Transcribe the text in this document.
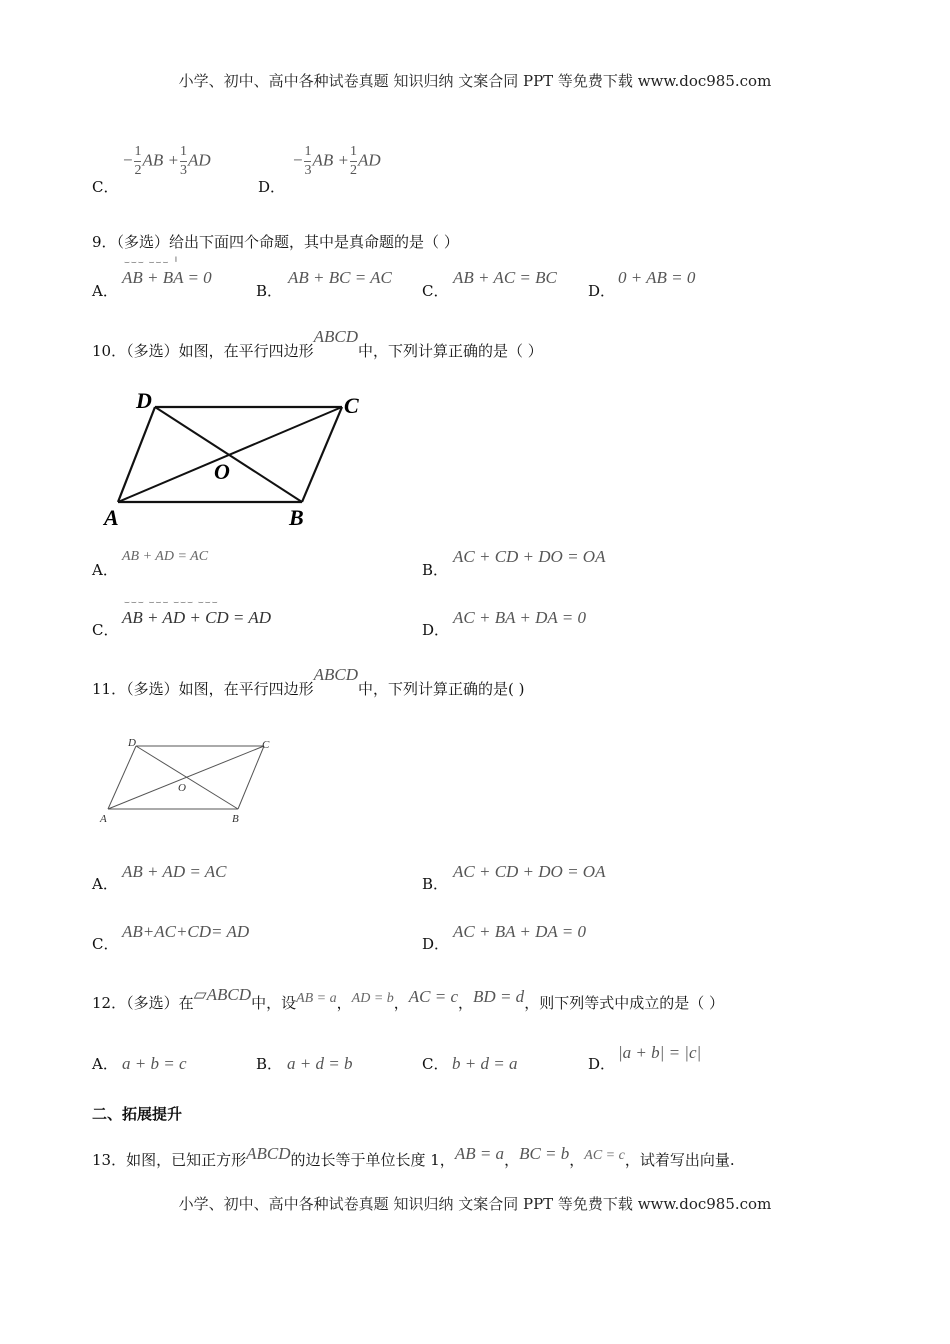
小学、初中、高中各种试卷真题 知识归纳 文案合同 PPT 等免费下载 www.doc985.com
C．
− $\frac{1}{2}$ AB + $\frac{1}{3}$ AD
D．
− $\frac{1}{3}$ AB + $\frac{1}{2}$ AD
9．（多选）给出下面四个命题，其中是真命题的是（ ）
A．
⌣⌣⌣ ⌣⌣⌣ ╵
AB + BA = 0
B．
AB + BC = AC
C．
AB + AC = BC
D．
0 + AB = 0
10．（多选）如图，在平行四边形ABCD中，下列计算正确的是（ ）
A	B
C
D
O
A．
AB + AD = AC
B．
AC + CD + DO = OA
C．
⌣⌣⌣ ⌣⌣⌣ ⌣⌣⌣ ⌣⌣⌣
AB + AD + CD = AD
D．
AC + BA + DA = 0
11．（多选）如图，在平行四边形ABCD中，下列计算正确的是( )
A	B
C
D
O
A．
AB + AD = AC
B．
AC + CD + DO = OA
C．
AB+AC+CD= AD
D．
AC + BA + DA = 0
12．（多选）在▱ABCD中，设AB = a，AD = b，AC = c，BD = d，则下列等式中成立的是（ ）
A． a + b = c	B． a + d = b	C． b + d = a	D．
|a + b| = |c|
二、拓展提升
13．如图，已知正方形ABCD的边长等于单位长度 1，AB = a，BC = b，AC = c，试着写出向量.
小学、初中、高中各种试卷真题 知识归纳 文案合同 PPT 等免费下载 www.doc985.com
